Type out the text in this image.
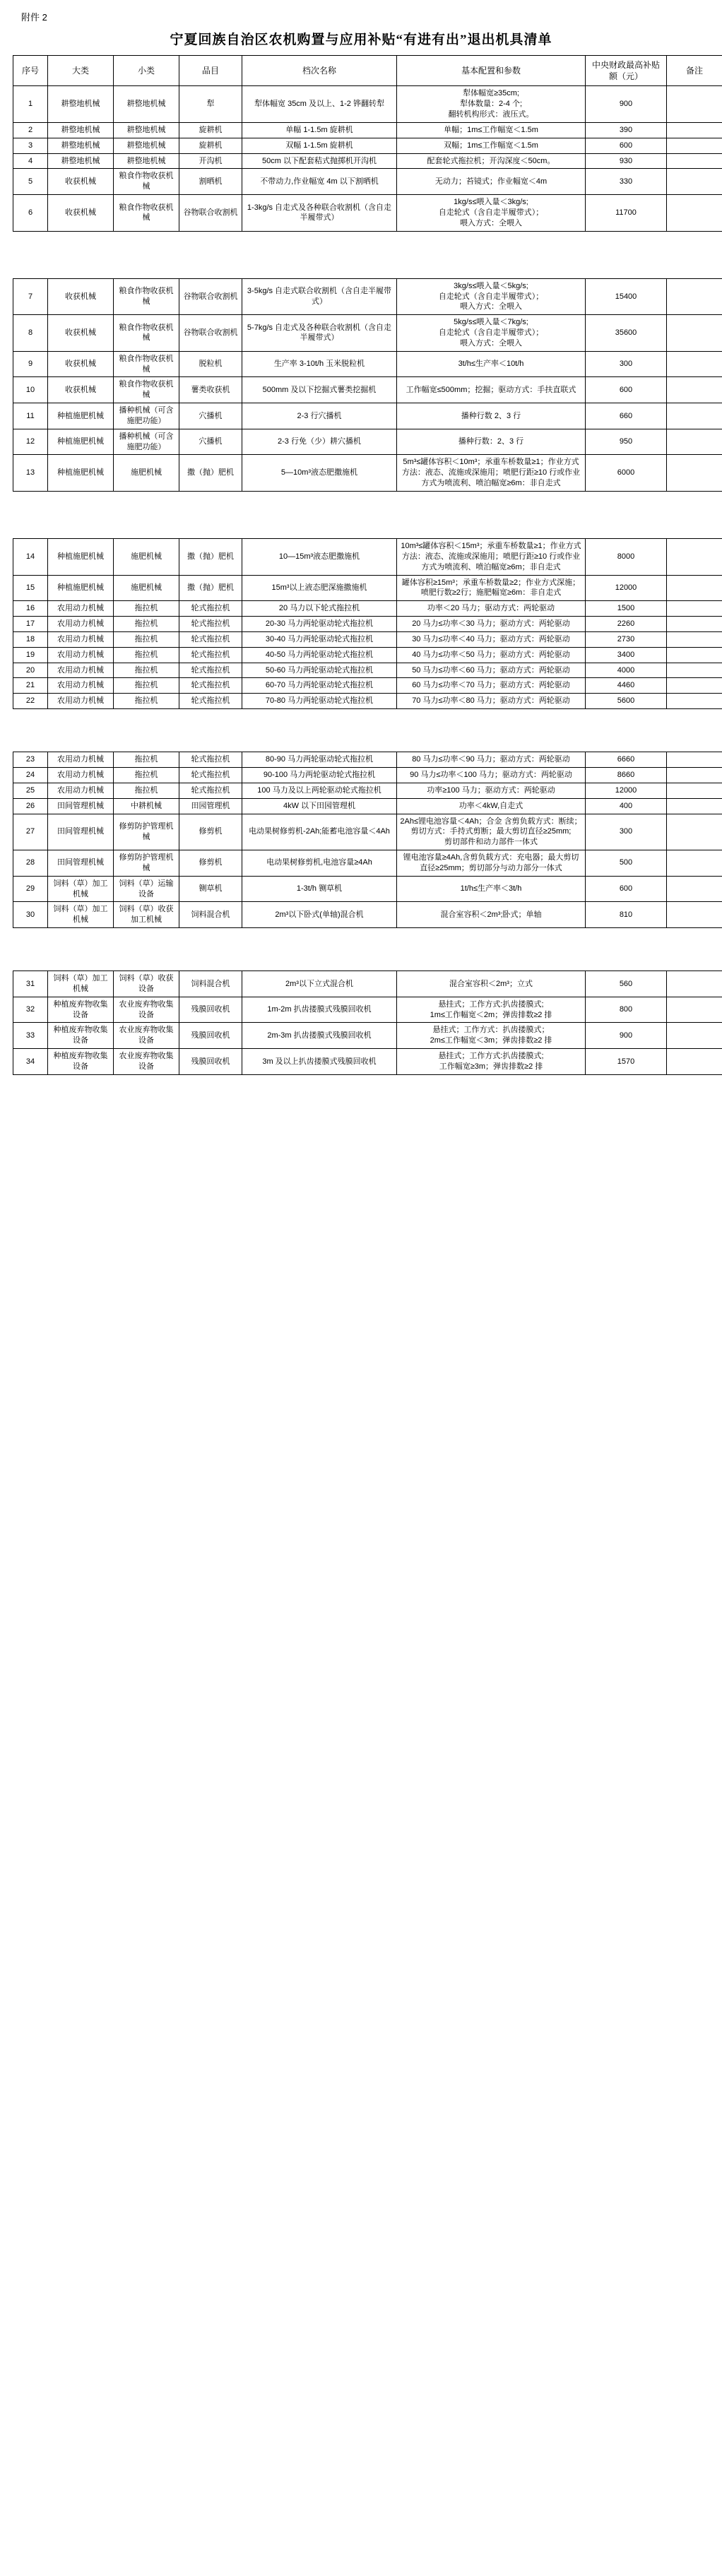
附件 2
宁夏回族自治区农机购置与应用补贴“有进有出”退出机具清单
序号	大类	小类	品目	档次名称	基本配置和参数	中央财政最高补贴额（元）	备注
1	耕整地机械	耕整地机械	犁	犁体幅宽 35cm 及以上、1-2 铧翻转犁	犁体幅宽≥35cm;
犁体数量：2-4 个;
翻转机构形式：液压式。	900	
2	耕整地机械	耕整地机械	旋耕机	单幅 1-1.5m 旋耕机	单幅；1m≤工作幅宽＜1.5m	390	
3	耕整地机械	耕整地机械	旋耕机	双幅 1-1.5m 旋耕机	双幅；1m≤工作幅宽＜1.5m	600	
4	耕整地机械	耕整地机械	开沟机	50cm 以下配套秸式抛掷机开沟机	配套轮式拖拉机；开沟深度＜50cm。	930	
5	收获机械	粮食作物收获机械	割晒机	不带动力,作业幅宽 4m 以下割晒机	无动力；苔镜式；作业幅宽＜4m	330	
6	收获机械	粮食作物收获机械	谷物联合收割机	1-3kg/s 自走式及各种联合收割机（含自走半履带式）	1kg/s≤喂入量＜3kg/s;
自走轮式（含自走半履带式）；
喂入方式：全喂入	11700	
7	收获机械	粮食作物收获机械	谷物联合收割机	3-5kg/s 自走式联合收割机（含自走半履带式）	3kg/s≤喂入量＜5kg/s;
自走轮式（含自走半履带式）；
喂入方式：全喂入	15400	
8	收获机械	粮食作物收获机械	谷物联合收割机	5-7kg/s 自走式及各种联合收割机（含自走半履带式）	5kg/s≤喂入量＜7kg/s;
自走轮式（含自走半履带式）；
喂入方式：全喂入	35600	
9	收获机械	粮食作物收获机械	脱粒机	生产率 3-10t/h 玉米脱粒机	3t/h≤生产率＜10t/h	300	
10	收获机械	粮食作物收获机械	薯类收获机	500mm 及以下挖掘式薯类挖掘机	工作幅宽≤500mm；挖掘；驱动方式：手扶直联式	600	
11	种植施肥机械	播种机械（可含施肥功能）	穴播机	2-3 行穴播机	播种行数 2、3 行	660	
12	种植施肥机械	播种机械（可含施肥功能）	穴播机	2-3 行免（少）耕穴播机	播种行数：2、3 行	950	
13	种植施肥机械	施肥机械	撒（抛）肥机	5—10m³液态肥撒施机	5m³≤罐体容积＜10m³；承重车桥数量≥1；作业方式方法：液态、流施或深施用；喷肥行距≥10 行或作业方式为喷流利、喷泊幅宽≥6m：非自走式	6000	
14	种植施肥机械	施肥机械	撒（抛）肥机	10—15m³液态肥撒施机	10m³≤罐体容积＜15m³；承重车桥数量≥1；作业方式方法：液态、流施或深施用；喷肥行距≥10 行或作业方式为喷流利、喷泊幅宽≥6m；非自走式	8000	
15	种植施肥机械	施肥机械	撒（抛）肥机	15m³以上液态肥深施撒施机	罐体容积≥15m³；承重车桥数量≥2；作业方式深施；喷肥行数≥2行；施肥幅宽≥6m：非自走式	12000	
16	农用动力机械	拖拉机	轮式拖拉机	20 马力以下轮式拖拉机	功率＜20 马力；驱动方式：两轮驱动	1500	
17	农用动力机械	拖拉机	轮式拖拉机	20-30 马力两轮驱动轮式拖拉机	20 马力≤功率＜30 马力；驱动方式：两轮驱动	2260	
18	农用动力机械	拖拉机	轮式拖拉机	30-40 马力两轮驱动轮式拖拉机	30 马力≤功率＜40 马力；驱动方式：两轮驱动	2730	
19	农用动力机械	拖拉机	轮式拖拉机	40-50 马力两轮驱动轮式拖拉机	40 马力≤功率＜50 马力；驱动方式：两轮驱动	3400	
20	农用动力机械	拖拉机	轮式拖拉机	50-60 马力两轮驱动轮式拖拉机	50 马力≤功率＜60 马力；驱动方式：两轮驱动	4000	
21	农用动力机械	拖拉机	轮式拖拉机	60-70 马力两轮驱动轮式拖拉机	60 马力≤功率＜70 马力；驱动方式：两轮驱动	4460	
22	农用动力机械	拖拉机	轮式拖拉机	70-80 马力两轮驱动轮式拖拉机	70 马力≤功率＜80 马力；驱动方式：两轮驱动	5600	
23	农用动力机械	拖拉机	轮式拖拉机	80-90 马力两轮驱动轮式拖拉机	80 马力≤功率＜90 马力；驱动方式：两轮驱动	6660	
24	农用动力机械	拖拉机	轮式拖拉机	90-100 马力两轮驱动轮式拖拉机	90 马力≤功率＜100 马力；驱动方式：两轮驱动	8660	
25	农用动力机械	拖拉机	轮式拖拉机	100 马力及以上两轮驱动轮式拖拉机	功率≥100 马力；驱动方式：两轮驱动	12000	
26	田间管理机械	中耕机械	田园管理机	4kW 以下田园管理机	功率＜4kW,自走式	400	
27	田间管理机械	修剪防护管理机械	修剪机	电动果树修剪机-2Ah;能蓄电池容量＜4Ah	2Ah≤锂电池容量＜4Ah；合金 含剪负载方式：断续；剪切方式：手持式剪断；最大剪切直径≥25mm;
剪切部件和动力部件一体式	300	
28	田间管理机械	修剪防护管理机械	修剪机	电动果树修剪机,电池容量≥4Ah	锂电池容量≥4Ah,含剪负载方式：充电器；最大剪切直径≥25mm；剪切部分与动力部分一体式	500	
29	饲料（草）加工机械	饲料（草）运输设备	铡草机	1-3t/h 铡草机	1t/h≤生产率＜3t/h	600	
30	饲料（草）加工机械	饲料（草）收获加工机械	饲料混合机	2m³以下卧式(单轴)混合机	混合室容积＜2m³;卧式；单轴	810	
31	饲料（草）加工机械	饲料（草）收获设备	饲料混合机	2m³以下立式混合机	混合室容积＜2m³；立式	560	
32	种植废弃物收集设备	农业废弃物收集设备	残膜回收机	1m-2m 扒齿搂膜式残膜回收机	悬挂式；工作方式:扒齿搂膜式;
1m≤工作幅宽＜2m；弹齿排数≥2 排	800	
33	种植废弃物收集设备	农业废弃物收集设备	残膜回收机	2m-3m 扒齿搂膜式残膜回收机	悬挂式；工作方式：扒齿搂膜式；
2m≤工作幅宽＜3m；弹齿排数≥2 排	900	
34	种植废弃物收集设备	农业废弃物收集设备	残膜回收机	3m 及以上扒齿搂膜式残膜回收机	悬挂式；工作方式:扒齿搂膜式;
工作幅宽≥3m；弹齿排数≥2 排	1570	
